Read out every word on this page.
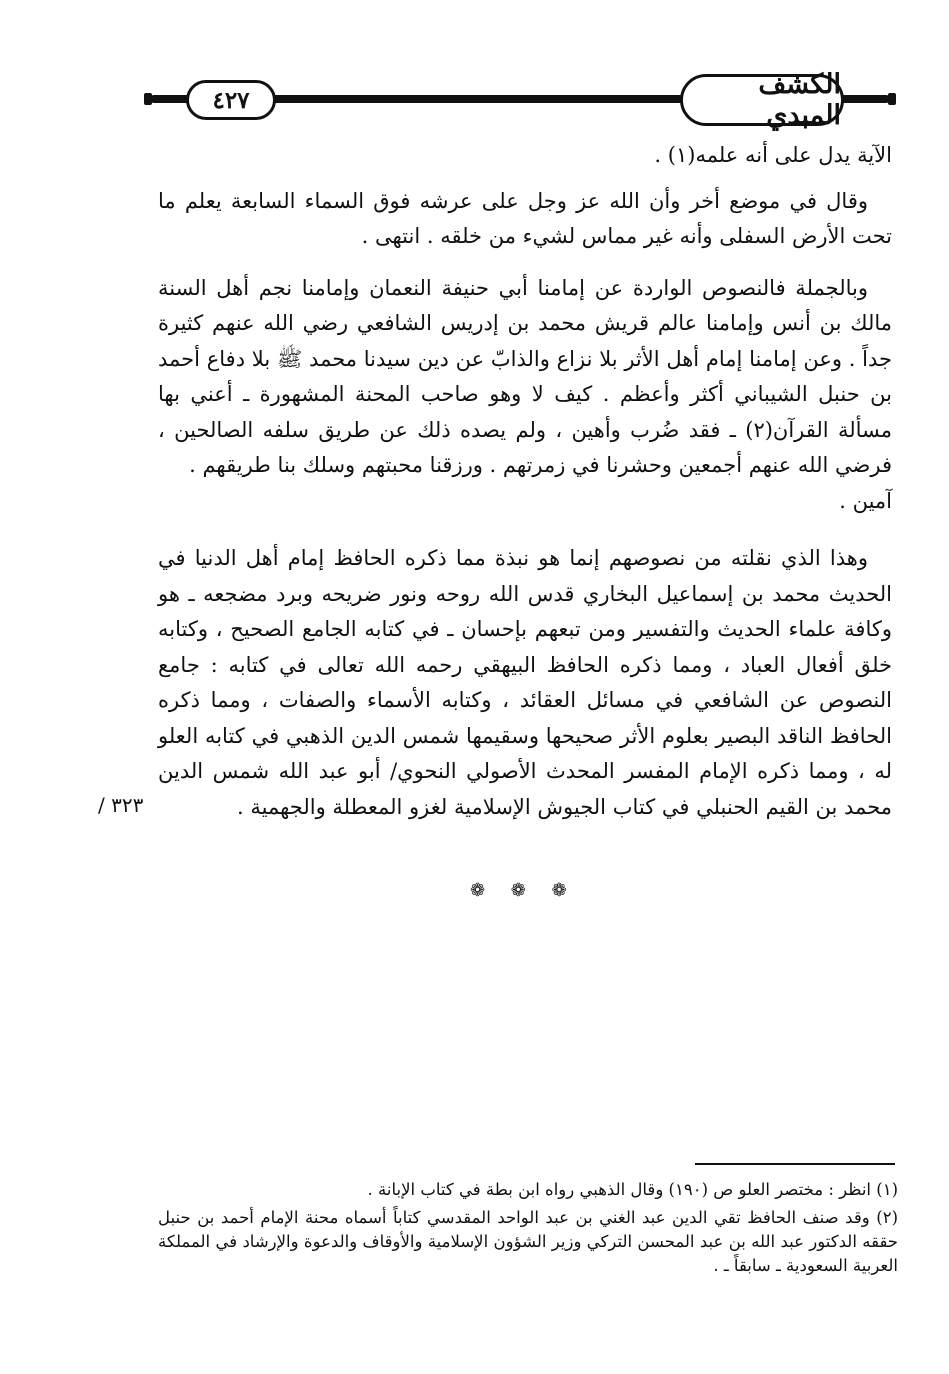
الكشف المبدي
٤٢٧

الآية يدل على أنه علمه(١) .

وقال في موضع أخر وأن الله عز وجل على عرشه فوق السماء السابعة يعلم ما تحت الأرض السفلى وأنه غير مماس لشيء من خلقه . انتهى .

وبالجملة فالنصوص الواردة عن إمامنا أبي حنيفة النعمان وإمامنا نجم أهل السنة مالك بن أنس وإمامنا عالم قريش محمد بن إدريس الشافعي رضي الله عنهم كثيرة جداً . وعن إمامنا إمام أهل الأثر بلا نزاع والذابّ عن دين سيدنا محمد ﷺ بلا دفاع أحمد بن حنبل الشيباني أكثر وأعظم . كيف لا وهو صاحب المحنة المشهورة ـ أعني بها مسألة القرآن(٢) ـ فقد ضُرب وأهين ، ولم يصده ذلك عن طريق سلفه الصالحين ، فرضي الله عنهم أجمعين وحشرنا في زمرتهم . ورزقنا محبتهم وسلك بنا طريقهم .

آمين .

وهذا الذي نقلته من نصوصهم إنما هو نبذة مما ذكره الحافظ إمام أهل الدنيا في الحديث محمد بن إسماعيل البخاري قدس الله روحه ونور ضريحه وبرد مضجعه ـ هو وكافة علماء الحديث والتفسير ومن تبعهم بإحسان ـ في كتابه الجامع الصحيح ، وكتابه خلق أفعال العباد ، ومما ذكره الحافظ البيهقي رحمه الله تعالى في كتابه : جامع النصوص عن الشافعي في مسائل العقائد ، وكتابه الأسماء والصفات ، ومما ذكره الحافظ الناقد البصير بعلوم الأثر صحيحها وسقيمها شمس الدين الذهبي في كتابه العلو له ، ومما ذكره الإمام المفسر المحدث الأصولي النحوي/ أبو عبد الله شمس الدين محمد بن القيم الحنبلي في كتاب الجيوش الإسلامية لغزو المعطلة والجهمية .

٣٢٣ /
❁ ❁ ❁

(١) انظر : مختصر العلو ص (١٩٠) وقال الذهبي رواه ابن بطة في كتاب الإبانة .

(٢) وقد صنف الحافظ تقي الدين عبد الغني بن عبد الواحد المقدسي كتاباً أسماه محنة الإمام أحمد بن حنبل حققه الدكتور عبد الله بن عبد المحسن التركي وزير الشؤون الإسلامية والأوقاف والدعوة والإرشاد في المملكة العربية السعودية ـ سابقاً ـ .
